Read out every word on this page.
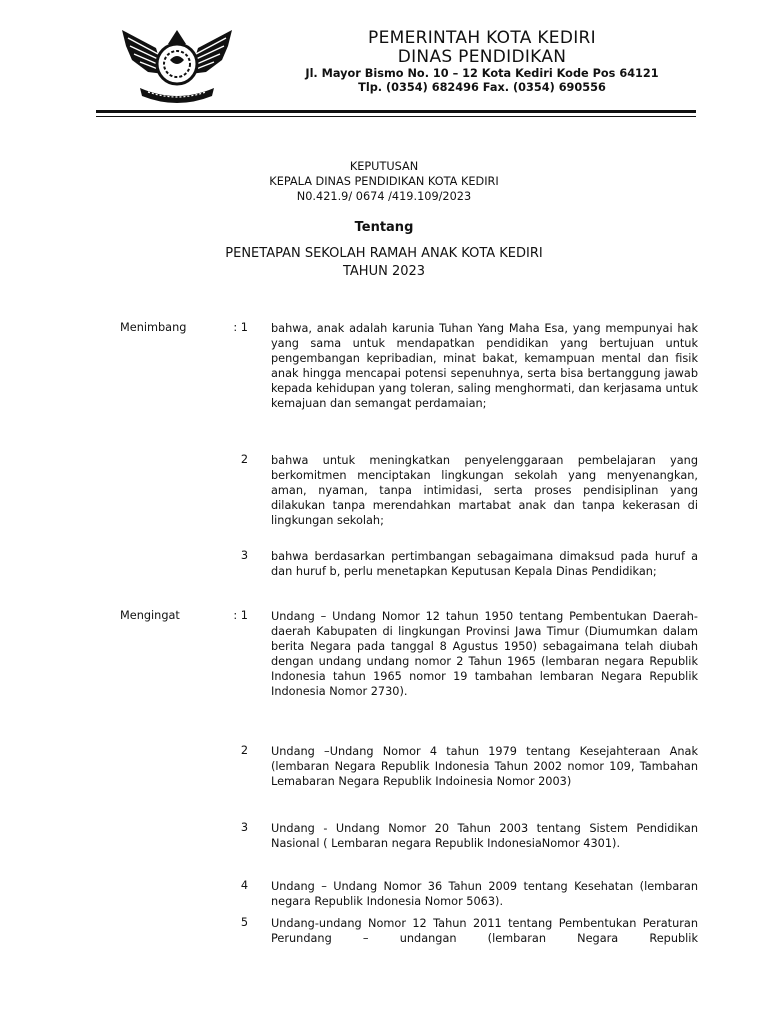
PEMERINTAH KOTA KEDIRI
DINAS PENDIDIKAN
Jl. Mayor Bismo No. 10 – 12 Kota Kediri Kode Pos 64121
Tlp. (0354) 682496 Fax. (0354) 690556
KEPUTUSAN
KEPALA DINAS PENDIDIKAN KOTA KEDIRI
N0.421.9/ 0674 /419.109/2023
Tentang
PENETAPAN SEKOLAH RAMAH ANAK KOTA KEDIRI
TAHUN 2023
Menimbang	: 1 bahwa, anak adalah karunia Tuhan Yang Maha Esa, yang mempunyai hak yang sama untuk mendapatkan pendidikan yang bertujuan untuk pengembangan kepribadian, minat bakat, kemampuan mental dan fisik anak hingga mencapai potensi sepenuhnya, serta bisa bertanggung jawab kepada kehidupan yang toleran, saling menghormati, dan kerjasama untuk kemajuan dan semangat perdamaian;
2 bahwa untuk meningkatkan penyelenggaraan pembelajaran yang berkomitmen menciptakan lingkungan sekolah yang menyenangkan, aman, nyaman, tanpa intimidasi, serta proses pendisiplinan yang dilakukan tanpa merendahkan martabat anak dan tanpa kekerasan di lingkungan sekolah;
3 bahwa berdasarkan pertimbangan sebagaimana dimaksud pada huruf a dan huruf b, perlu menetapkan Keputusan Kepala Dinas Pendidikan;
Mengingat	: 1 Undang – Undang Nomor 12 tahun 1950 tentang Pembentukan Daerah-daerah Kabupaten di lingkungan Provinsi Jawa Timur (Diumumkan dalam berita Negara pada tanggal 8 Agustus 1950) sebagaimana telah diubah dengan undang undang nomor 2 Tahun 1965 (lembaran negara Republik Indonesia tahun 1965 nomor 19 tambahan lembaran Negara Republik Indonesia Nomor 2730).
2 Undang –Undang Nomor 4 tahun 1979 tentang Kesejahteraan Anak (lembaran Negara Republik Indonesia Tahun 2002 nomor 109, Tambahan Lemabaran Negara Republik Indoinesia Nomor 2003)
3 Undang - Undang Nomor 20 Tahun 2003 tentang Sistem Pendidikan Nasional ( Lembaran negara Republik IndonesiaNomor 4301).
4 Undang – Undang Nomor 36 Tahun 2009 tentang Kesehatan (lembaran negara Republik Indonesia Nomor 5063).
5 Undang-undang Nomor 12 Tahun 2011 tentang Pembentukan Peraturan Perundang – undangan (lembaran Negara Republik
